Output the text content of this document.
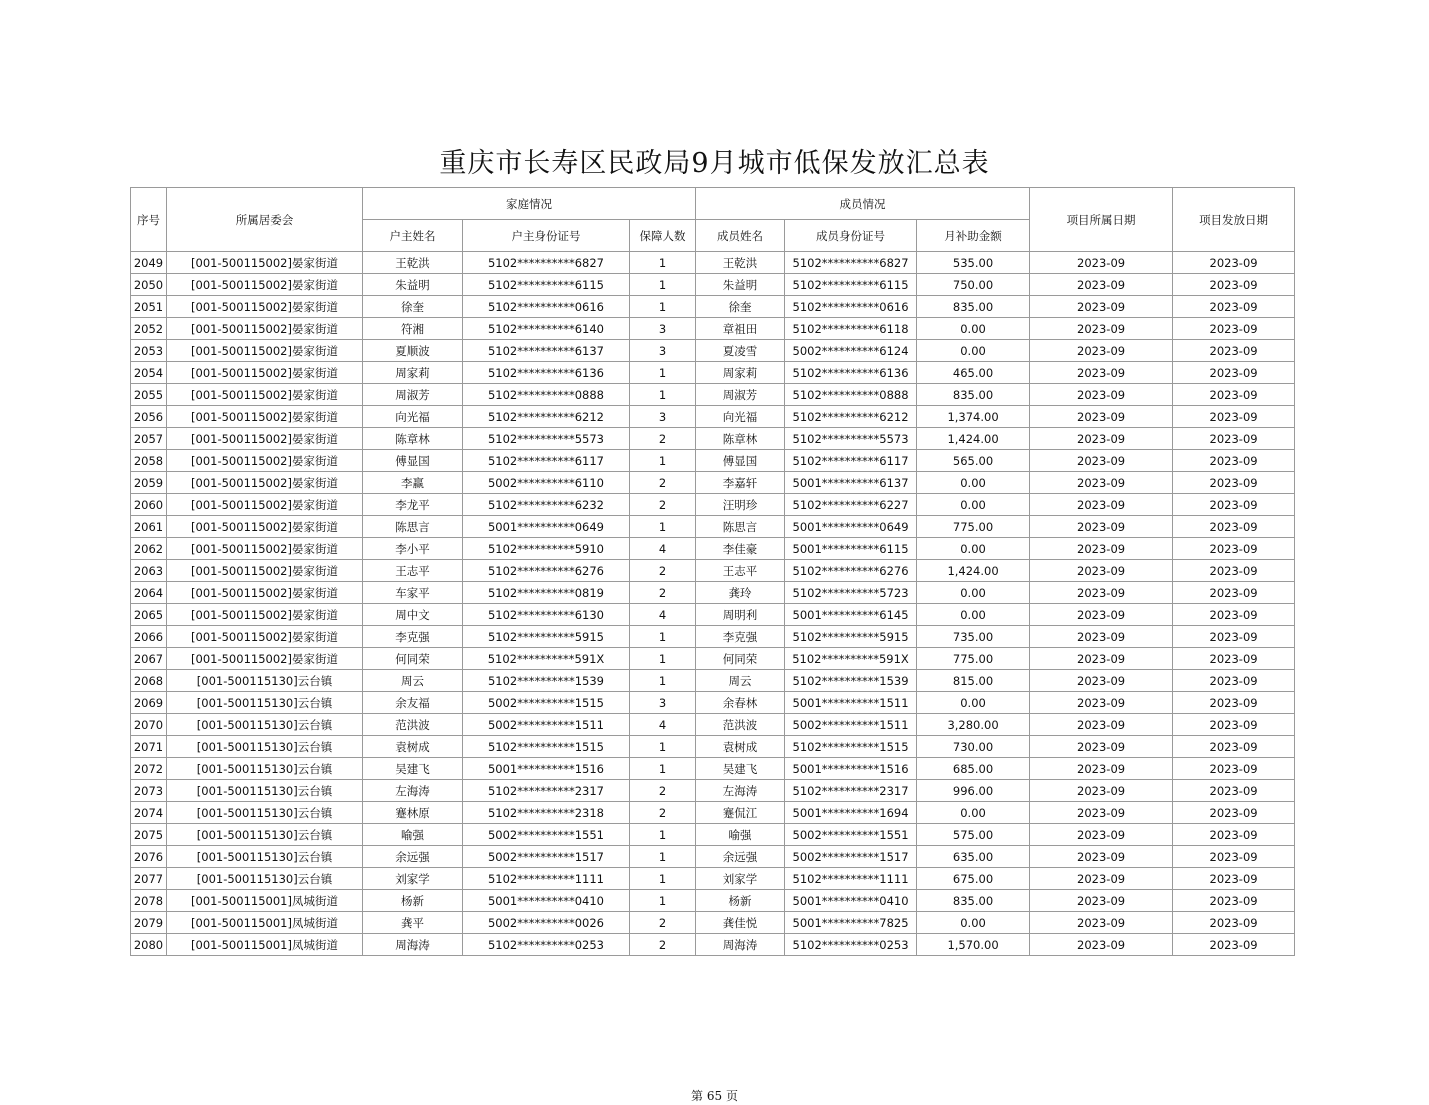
重庆市长寿区民政局9月城市低保发放汇总表
序号	所属居委会	家庭情况			成员情况			项目所属日期	项目发放日期
		户主姓名	户主身份证号	保障人数	成员姓名	成员身份证号	月补助金额		
2049	[001-500115002]晏家街道	王乾洪	5102**********6827	1	王乾洪	5102**********6827	535.00	2023-09	2023-09
2050	[001-500115002]晏家街道	朱益明	5102**********6115	1	朱益明	5102**********6115	750.00	2023-09	2023-09
2051	[001-500115002]晏家街道	徐奎	5102**********0616	1	徐奎	5102**********0616	835.00	2023-09	2023-09
2052	[001-500115002]晏家街道	符湘	5102**********6140	3	章祖田	5102**********6118	0.00	2023-09	2023-09
2053	[001-500115002]晏家街道	夏顺波	5102**********6137	3	夏凌雪	5002**********6124	0.00	2023-09	2023-09
2054	[001-500115002]晏家街道	周家莉	5102**********6136	1	周家莉	5102**********6136	465.00	2023-09	2023-09
2055	[001-500115002]晏家街道	周淑芳	5102**********0888	1	周淑芳	5102**********0888	835.00	2023-09	2023-09
2056	[001-500115002]晏家街道	向光福	5102**********6212	3	向光福	5102**********6212	1,374.00	2023-09	2023-09
2057	[001-500115002]晏家街道	陈章林	5102**********5573	2	陈章林	5102**********5573	1,424.00	2023-09	2023-09
2058	[001-500115002]晏家街道	傅显国	5102**********6117	1	傅显国	5102**********6117	565.00	2023-09	2023-09
2059	[001-500115002]晏家街道	李赢	5002**********6110	2	李嘉轩	5001**********6137	0.00	2023-09	2023-09
2060	[001-500115002]晏家街道	李龙平	5102**********6232	2	汪明珍	5102**********6227	0.00	2023-09	2023-09
2061	[001-500115002]晏家街道	陈思言	5001**********0649	1	陈思言	5001**********0649	775.00	2023-09	2023-09
2062	[001-500115002]晏家街道	李小平	5102**********5910	4	李佳豪	5001**********6115	0.00	2023-09	2023-09
2063	[001-500115002]晏家街道	王志平	5102**********6276	2	王志平	5102**********6276	1,424.00	2023-09	2023-09
2064	[001-500115002]晏家街道	车家平	5102**********0819	2	龚玲	5102**********5723	0.00	2023-09	2023-09
2065	[001-500115002]晏家街道	周中文	5102**********6130	4	周明利	5001**********6145	0.00	2023-09	2023-09
2066	[001-500115002]晏家街道	李克强	5102**********5915	1	李克强	5102**********5915	735.00	2023-09	2023-09
2067	[001-500115002]晏家街道	何同荣	5102**********591X	1	何同荣	5102**********591X	775.00	2023-09	2023-09
2068	[001-500115130]云台镇	周云	5102**********1539	1	周云	5102**********1539	815.00	2023-09	2023-09
2069	[001-500115130]云台镇	余友福	5002**********1515	3	余春林	5001**********1511	0.00	2023-09	2023-09
2070	[001-500115130]云台镇	范洪波	5002**********1511	4	范洪波	5002**********1511	3,280.00	2023-09	2023-09
2071	[001-500115130]云台镇	袁树成	5102**********1515	1	袁树成	5102**********1515	730.00	2023-09	2023-09
2072	[001-500115130]云台镇	吴建飞	5001**********1516	1	吴建飞	5001**********1516	685.00	2023-09	2023-09
2073	[001-500115130]云台镇	左海涛	5102**********2317	2	左海涛	5102**********2317	996.00	2023-09	2023-09
2074	[001-500115130]云台镇	蹇林原	5102**********2318	2	蹇侃江	5001**********1694	0.00	2023-09	2023-09
2075	[001-500115130]云台镇	喻强	5002**********1551	1	喻强	5002**********1551	575.00	2023-09	2023-09
2076	[001-500115130]云台镇	余远强	5002**********1517	1	余远强	5002**********1517	635.00	2023-09	2023-09
2077	[001-500115130]云台镇	刘家学	5102**********1111	1	刘家学	5102**********1111	675.00	2023-09	2023-09
2078	[001-500115001]凤城街道	杨新	5001**********0410	1	杨新	5001**********0410	835.00	2023-09	2023-09
2079	[001-500115001]凤城街道	龚平	5002**********0026	2	龚佳悦	5001**********7825	0.00	2023-09	2023-09
2080	[001-500115001]凤城街道	周海涛	5102**********0253	2	周海涛	5102**********0253	1,570.00	2023-09	2023-09
第 65 页
